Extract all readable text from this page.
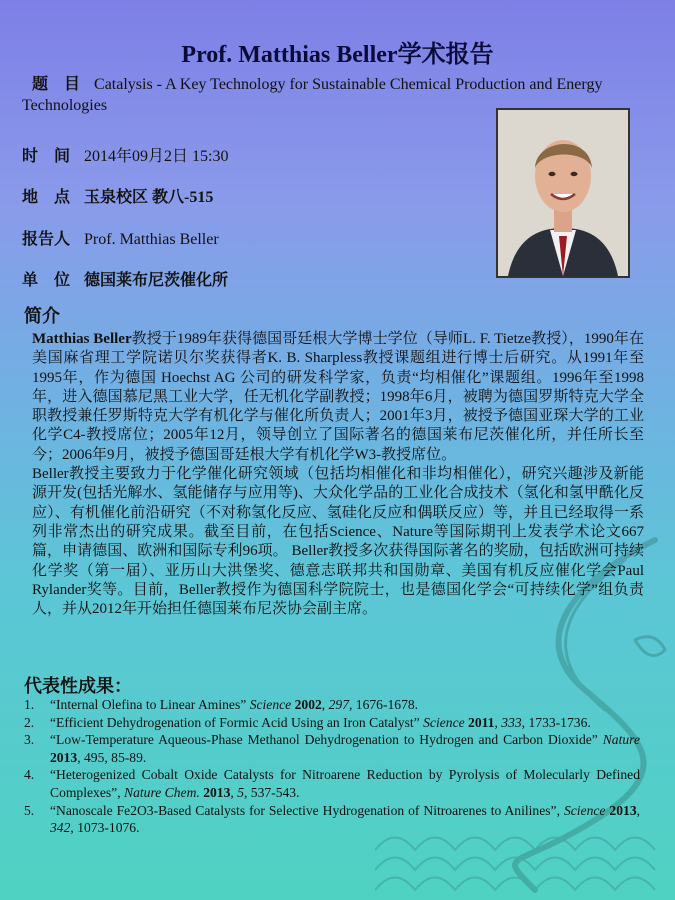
Prof. Matthias Beller学术报告
题　目 Catalysis - A Key Technology for Sustainable Chemical Production and Energy Technologies
时　间 2014年09月2日 15:30
地　点 玉泉校区 教八-515
报告人 Prof. Matthias Beller
单　位 德国莱布尼茨催化所
简介

Matthias Beller教授于1989年获得德国哥廷根大学博士学位（导师L. F. Tietze教授），1990年在美国麻省理工学院诺贝尔奖获得者K. B. Sharpless教授课题组进行博士后研究。从1991年至1995年，作为德国 Hoechst AG 公司的研发科学家，负责“均相催化”课题组。1996年至1998年，进入德国慕尼黑工业大学，任无机化学副教授；1998年6月，被聘为德国罗斯特克大学全职教授兼任罗斯特克大学有机化学与催化所负责人；2001年3月，被授予德国亚琛大学的工业化学C4-教授席位；2005年12月，领导创立了国际著名的德国莱布尼茨催化所，并任所长至今；2006年9月，被授予德国哥廷根大学有机化学W3-教授席位。

Beller教授主要致力于化学催化研究领域（包括均相催化和非均相催化），研究兴趣涉及新能源开发(包括光解水、氢能储存与应用等)、大众化学品的工业化合成技术（氢化和氢甲酰化反应）、有机催化前沿研究（不对称氢化反应、氢硅化反应和偶联反应）等，并且已经取得一系列非常杰出的研究成果。截至目前，在包括Science、Nature等国际期刊上发表学术论文667篇，申请德国、欧洲和国际专利96项。 Beller教授多次获得国际著名的奖励，包括欧洲可持续化学奖（第一届）、亚历山大洪堡奖、德意志联邦共和国勋章、美国有机反应催化学会Paul Rylander奖等。目前，Beller教授作为德国科学院院士，也是德国化学会“可持续化学”组负责人，并从2012年开始担任德国莱布尼茨协会副主席。

代表性成果：
1.	“Internal Olefina to Linear Amines” Science 2002, 297, 1676-1678.
2.	“Efficient Dehydrogenation of Formic Acid Using an Iron Catalyst” Science 2011, 333, 1733-1736.
3.	“Low-Temperature Aqueous-Phase Methanol Dehydrogenation to Hydrogen and Carbon Dioxide” Nature 2013, 495, 85-89.
4.	“Heterogenized Cobalt Oxide Catalysts for Nitroarene Reduction by Pyrolysis of Molecularly Defined Complexes”, Nature Chem. 2013, 5, 537-543.
5.	“Nanoscale Fe2O3-Based Catalysts for Selective Hydrogenation of Nitroarenes to Anilines”, Science 2013, 342, 1073-1076.
